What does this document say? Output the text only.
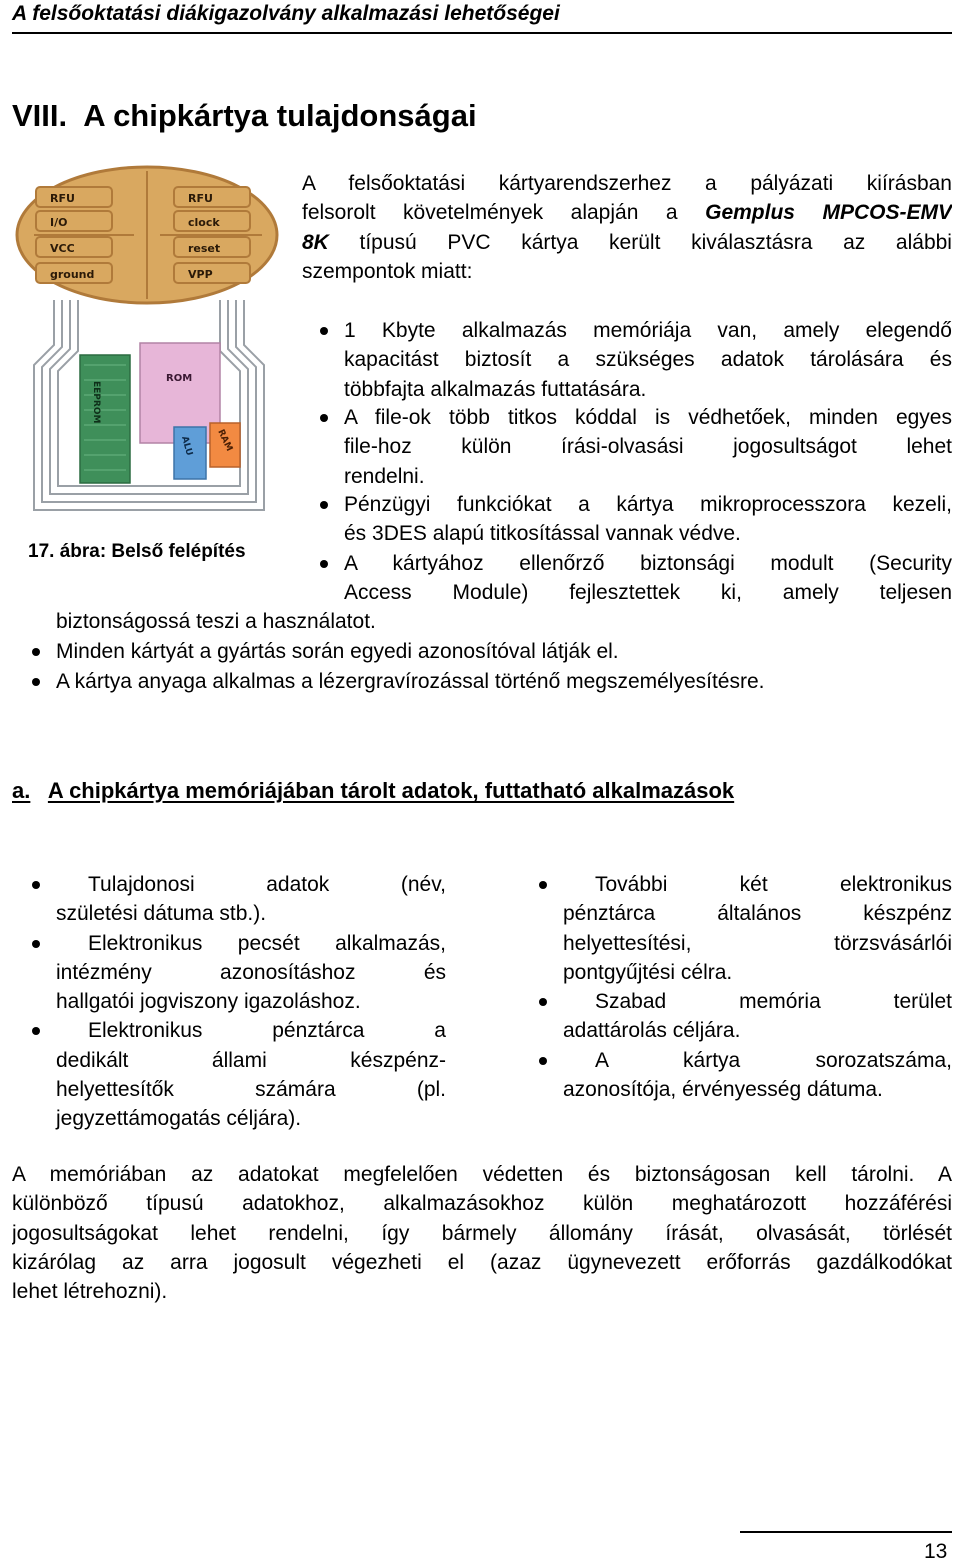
A felsőoktatási diákigazolvány alkalmazási lehetőségei
VIII. A chipkártya tulajdonságai
RFU
I/O
VCC
ground
RFU
clock
reset
VPP
EEPROM
ROM
ALU RAM
17. ábra: Belső felépítés
A felsőoktatási kártyarendszerhez a pályázati kiírásban
felsorolt követelmények alapján a Gemplus MPCOS-EMV
8K típusú PVC kártya került kiválasztásra az alábbi
szempontok miatt:
1 Kbyte alkalmazás memóriája van, amely elegendő
kapacitást biztosít a szükséges adatok tárolására és
többfajta alkalmazás futtatására.
A file-ok több titkos kóddal is védhetőek, minden egyes
file-hoz külön írási-olvasási jogosultságot lehet
rendelni.
Pénzügyi funkciókat a kártya mikroprocesszora kezeli,
és 3DES alapú titkosítással vannak védve.
A kártyához ellenőrző biztonsági modult (Security
Access Module) fejlesztettek ki, amely teljesen
biztonságossá teszi a használatot.
Minden kártyát a gyártás során egyedi azonosítóval látják el.
A kártya anyaga alkalmas a lézergravírozással történő megszemélyesítésre.
a. A chipkártya memóriájában tárolt adatok, futtatható alkalmazások
Tulajdonosi adatok (név,
születési dátuma stb.).
Elektronikus pecsét alkalmazás,
intézmény azonosításhoz és
hallgatói jogviszony igazoláshoz.
Elektronikus pénztárca a
dedikált állami készpénz-
helyettesítők számára (pl.
jegyzettámogatás céljára).
További két elektronikus
pénztárca általános készpénz
helyettesítési, törzsvásárlói
pontgyűjtési célra.
Szabad memória terület
adattárolás céljára.
A kártya sorozatszáma,
azonosítója, érvényesség dátuma.
A memóriában az adatokat megfelelően védetten és biztonságosan kell tárolni. A
különböző típusú adatokhoz, alkalmazásokhoz külön meghatározott hozzáférési
jogosultságokat lehet rendelni, így bármely állomány írását, olvasását, törlését
kizárólag az arra jogosult végezheti el (azaz ügynevezett erőforrás gazdálkodókat
lehet létrehozni).
13
